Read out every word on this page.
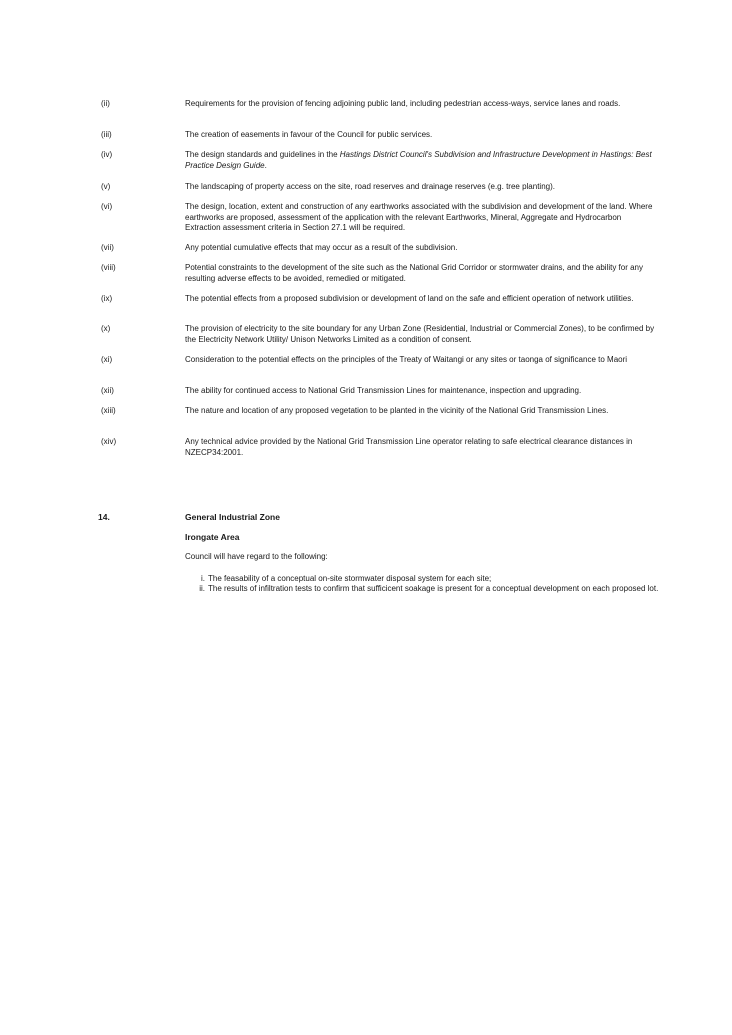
(ii)	Requirements for the provision of fencing adjoining public land, including pedestrian access-ways, service lanes and roads.
(iii)	The creation of easements in favour of the Council for public services.
(iv)	The design standards and guidelines in the Hastings District Council's Subdivision and Infrastructure Development in Hastings: Best Practice Design Guide.
(v)	The landscaping of property access on the site, road reserves and drainage reserves (e.g. tree planting).
(vi)	The design, location, extent and construction of any earthworks associated with the subdivision and development of the land. Where earthworks are proposed, assessment of the application with the relevant Earthworks, Mineral, Aggregate and Hydrocarbon Extraction assessment criteria in Section 27.1 will be required.
(vii)	Any potential cumulative effects that may occur as a result of the subdivision.
(viii)	Potential constraints to the development of the site such as the National Grid Corridor or stormwater drains, and the ability for any resulting adverse effects to be avoided, remedied or mitigated.
(ix)	The potential effects from a proposed subdivision or development of land on the safe and efficient operation of network utilities.
(x)	The provision of electricity to the site boundary for any Urban Zone (Residential, Industrial or Commercial Zones), to be confirmed by the Electricity Network Utility/ Unison Networks Limited as a condition of consent.
(xi)	Consideration to the potential effects on the principles of the Treaty of Waitangi or any sites or taonga of significance to Maori
(xii)	The ability for continued access to National Grid Transmission Lines for maintenance, inspection and upgrading.
(xiii)	The nature and location of any proposed vegetation to be planted in the vicinity of the National Grid Transmission Lines.
(xiv)	Any technical advice provided by the National Grid Transmission Line operator relating to safe electrical clearance distances in NZECP34:2001.
14.	General Industrial Zone
Irongate Area
Council will have regard to the following:
i. The feasability of a conceptual on-site stormwater disposal system for each site;
ii. The results of infiltration tests to confirm that sufficicent soakage is present for a conceptual development on each proposed lot.
